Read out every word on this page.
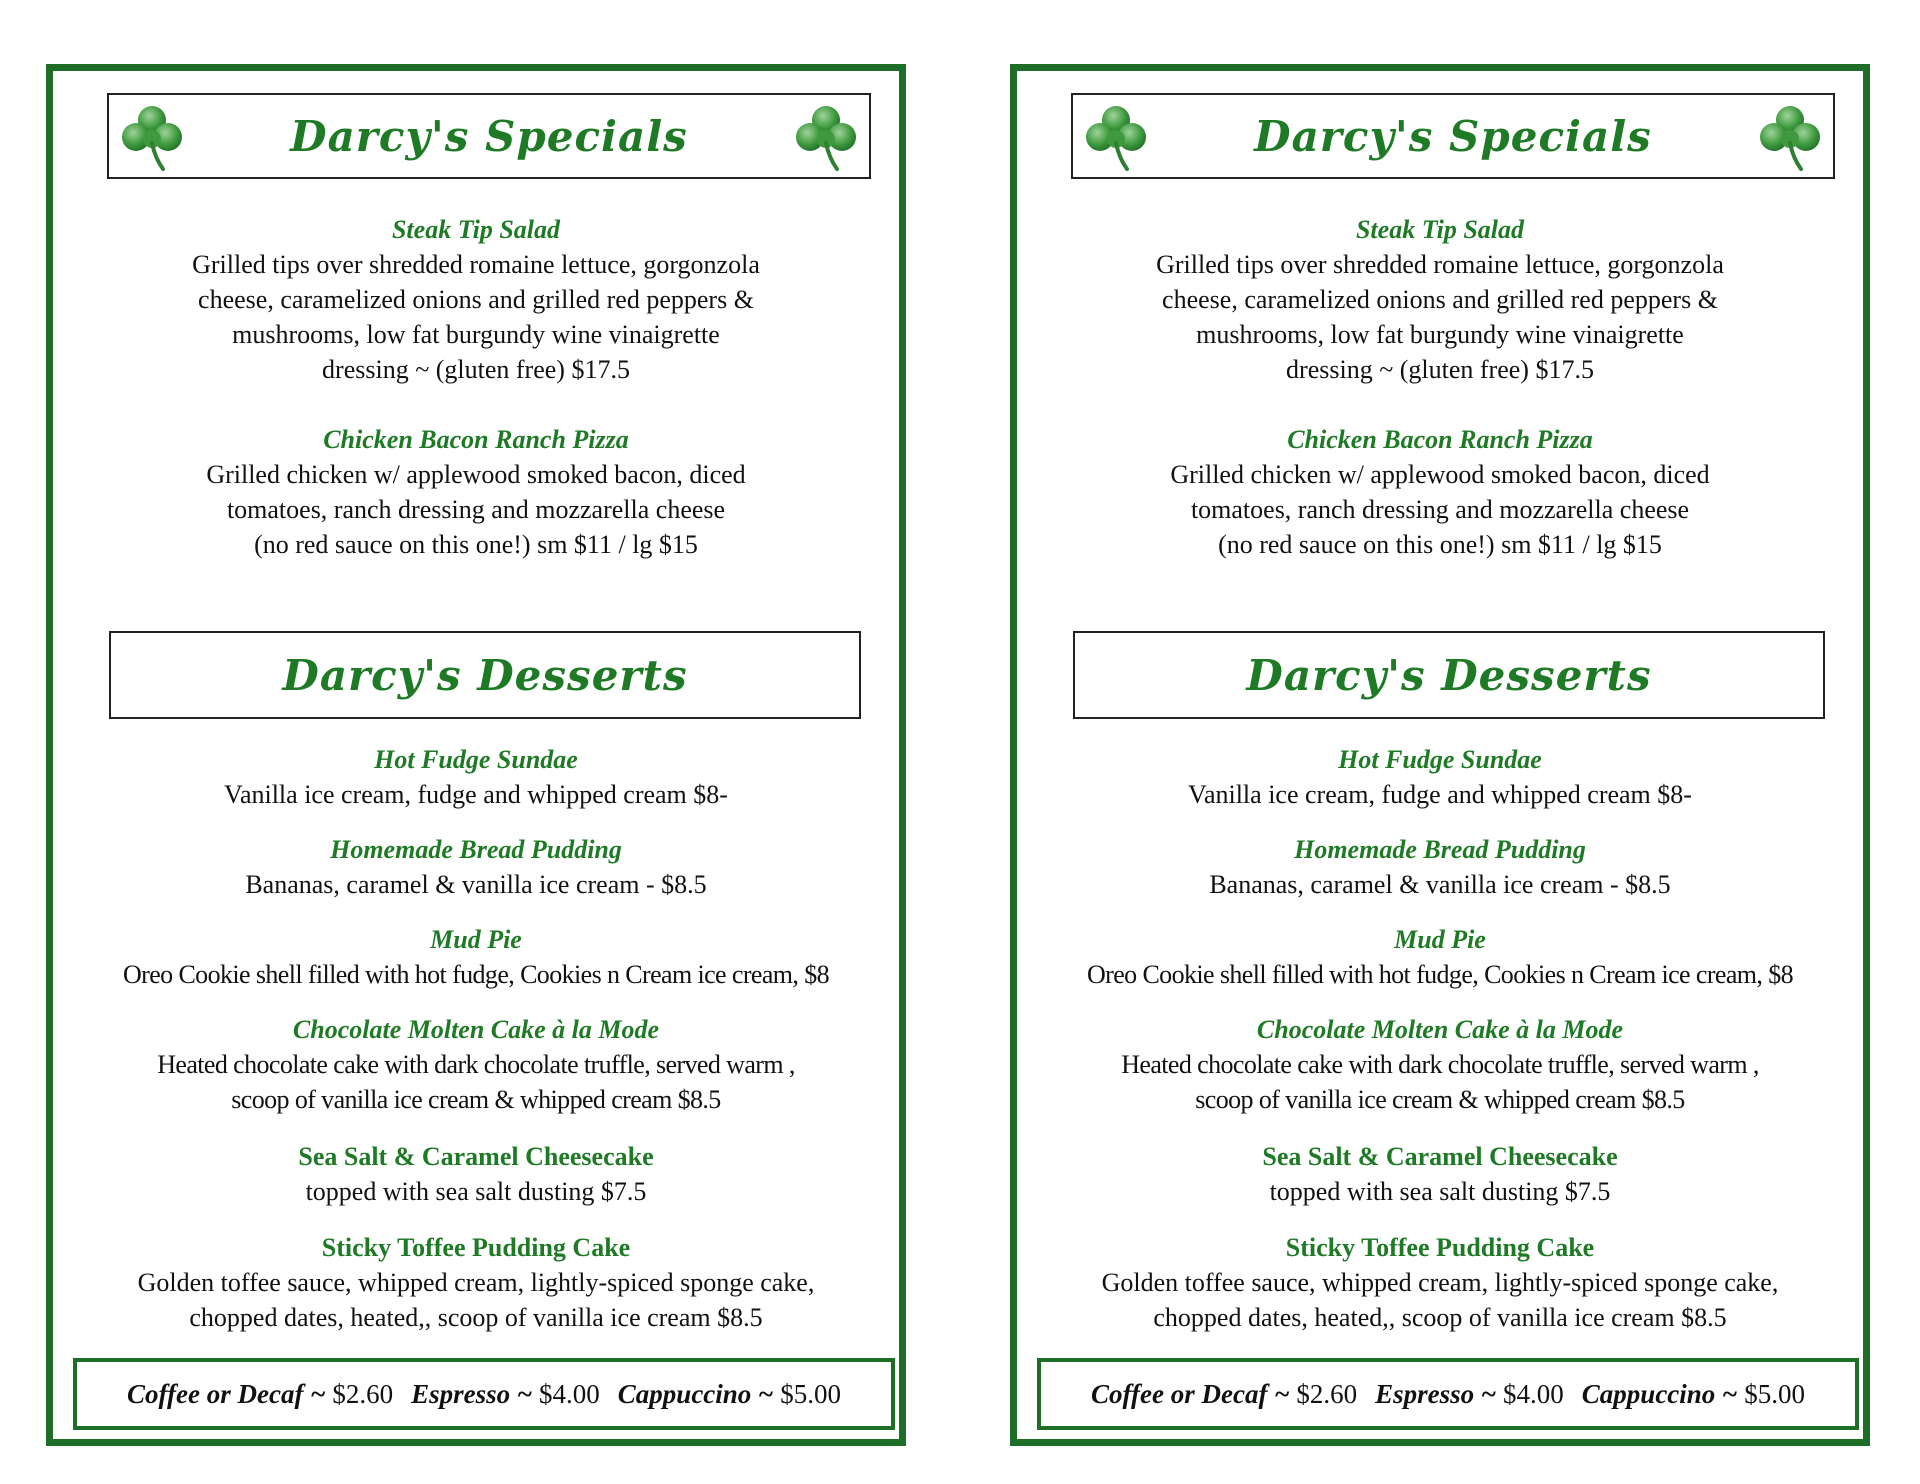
Darcy's Specials
Steak Tip Salad
Grilled tips over shredded romaine lettuce, gorgonzola
cheese, caramelized onions and grilled red peppers &
mushrooms, low fat burgundy wine vinaigrette
dressing ~ (gluten free) $17.5
Chicken Bacon Ranch Pizza
Grilled chicken w/ applewood smoked bacon, diced
tomatoes, ranch dressing and mozzarella cheese
(no red sauce on this one!) sm $11 / lg $15
Darcy's Desserts
Hot Fudge Sundae
Vanilla ice cream, fudge and whipped cream $8-
Homemade Bread Pudding
Bananas, caramel & vanilla ice cream - $8.5
Mud Pie
Oreo Cookie shell filled with hot fudge, Cookies n Cream ice cream, $8
Chocolate Molten Cake à la Mode
Heated chocolate cake with dark chocolate truffle, served warm ,
scoop of vanilla ice cream & whipped cream $8.5
Sea Salt & Caramel Cheesecake
topped with sea salt dusting $7.5
Sticky Toffee Pudding Cake
Golden toffee sauce, whipped cream, lightly-spiced sponge cake,
chopped dates, heated,, scoop of vanilla ice cream $8.5
Coffee or Decaf ~
$2.60 Espresso ~
$4.00 Cappuccino ~
$5.00
Darcy's Specials
Steak Tip Salad
Grilled tips over shredded romaine lettuce, gorgonzola
cheese, caramelized onions and grilled red peppers &
mushrooms, low fat burgundy wine vinaigrette
dressing ~ (gluten free) $17.5
Chicken Bacon Ranch Pizza
Grilled chicken w/ applewood smoked bacon, diced
tomatoes, ranch dressing and mozzarella cheese
(no red sauce on this one!) sm $11 / lg $15
Darcy's Desserts
Hot Fudge Sundae
Vanilla ice cream, fudge and whipped cream $8-
Homemade Bread Pudding
Bananas, caramel & vanilla ice cream - $8.5
Mud Pie
Oreo Cookie shell filled with hot fudge, Cookies n Cream ice cream, $8
Chocolate Molten Cake à la Mode
Heated chocolate cake with dark chocolate truffle, served warm ,
scoop of vanilla ice cream & whipped cream $8.5
Sea Salt & Caramel Cheesecake
topped with sea salt dusting $7.5
Sticky Toffee Pudding Cake
Golden toffee sauce, whipped cream, lightly-spiced sponge cake,
chopped dates, heated,, scoop of vanilla ice cream $8.5
Coffee or Decaf ~
$2.60 Espresso ~
$4.00 Cappuccino ~
$5.00
